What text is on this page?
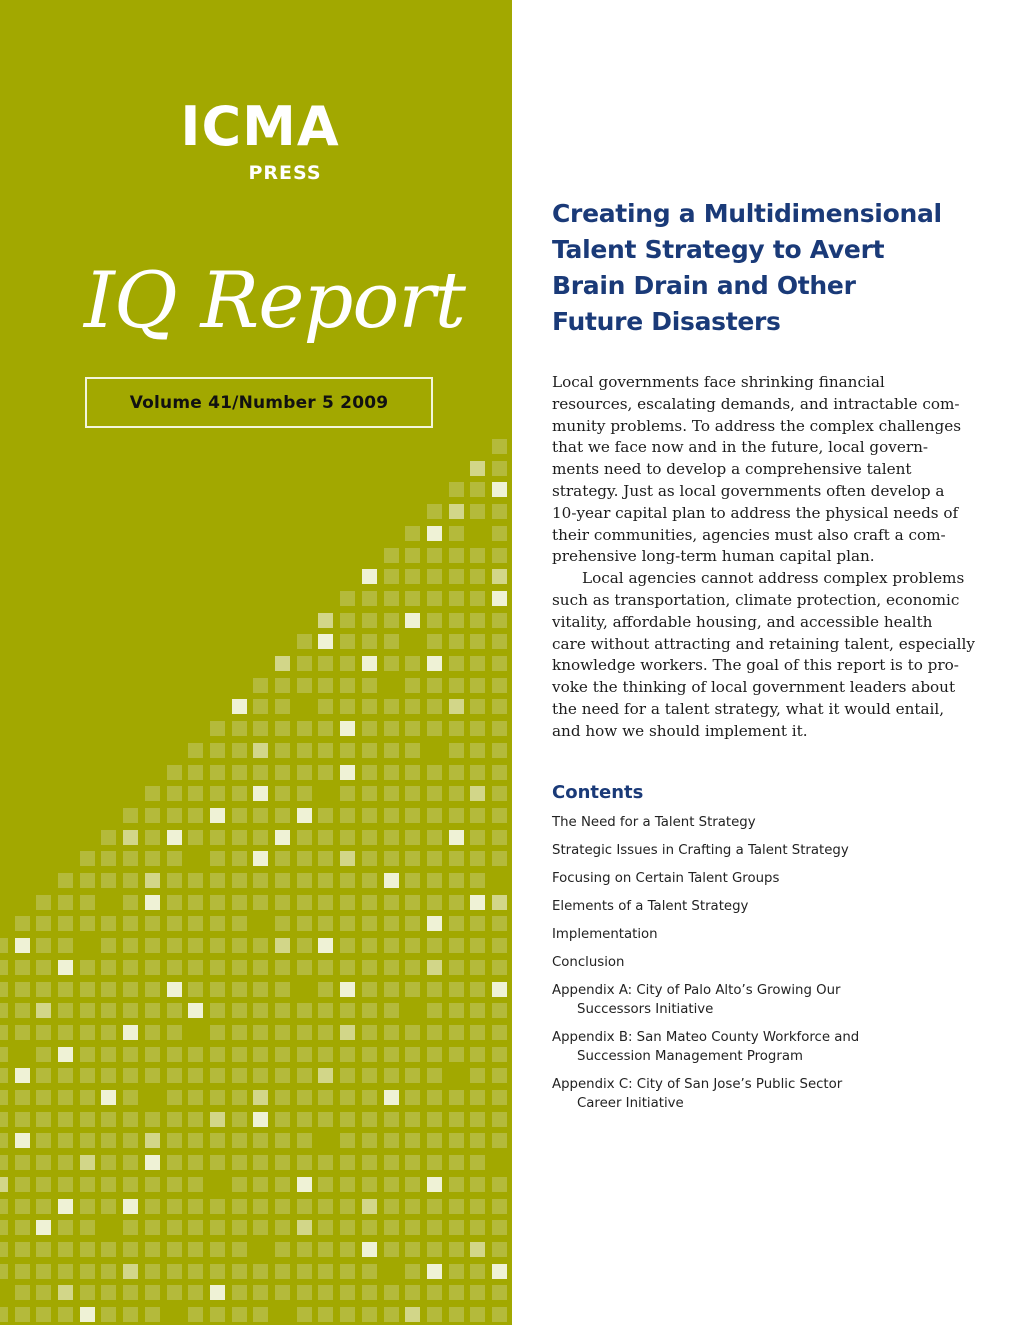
ICMA
PRESS
IQ Report
Volume 41/Number 5 2009
Creating a Multidimensional
Talent Strategy to Avert
Brain Drain and Other
Future Disasters

Local governments face shrinking financial
resources, escalating demands, and intractable com-
munity problems. To address the complex challenges
that we face now and in the future, local govern-
ments need to develop a comprehensive talent
strategy. Just as local governments often develop a
10-year capital plan to address the physical needs of
their communities, agencies must also craft a com-
prehensive long-term human capital plan.

Local agencies cannot address complex problems
such as transportation, climate protection, economic
vitality, affordable housing, and accessible health
care without attracting and retaining talent, especially
knowledge workers. The goal of this report is to pro-
voke the thinking of local government leaders about
the need for a talent strategy, what it would entail,
and how we should implement it.

Contents
The Need for a Talent Strategy
Strategic Issues in Crafting a Talent Strategy
Focusing on Certain Talent Groups
Elements of a Talent Strategy
Implementation
Conclusion
Appendix A: City of Palo Alto’s Growing Our
Successors Initiative
Appendix B: San Mateo County Workforce and
Succession Management Program
Appendix C: City of San Jose’s Public Sector
Career Initiative
